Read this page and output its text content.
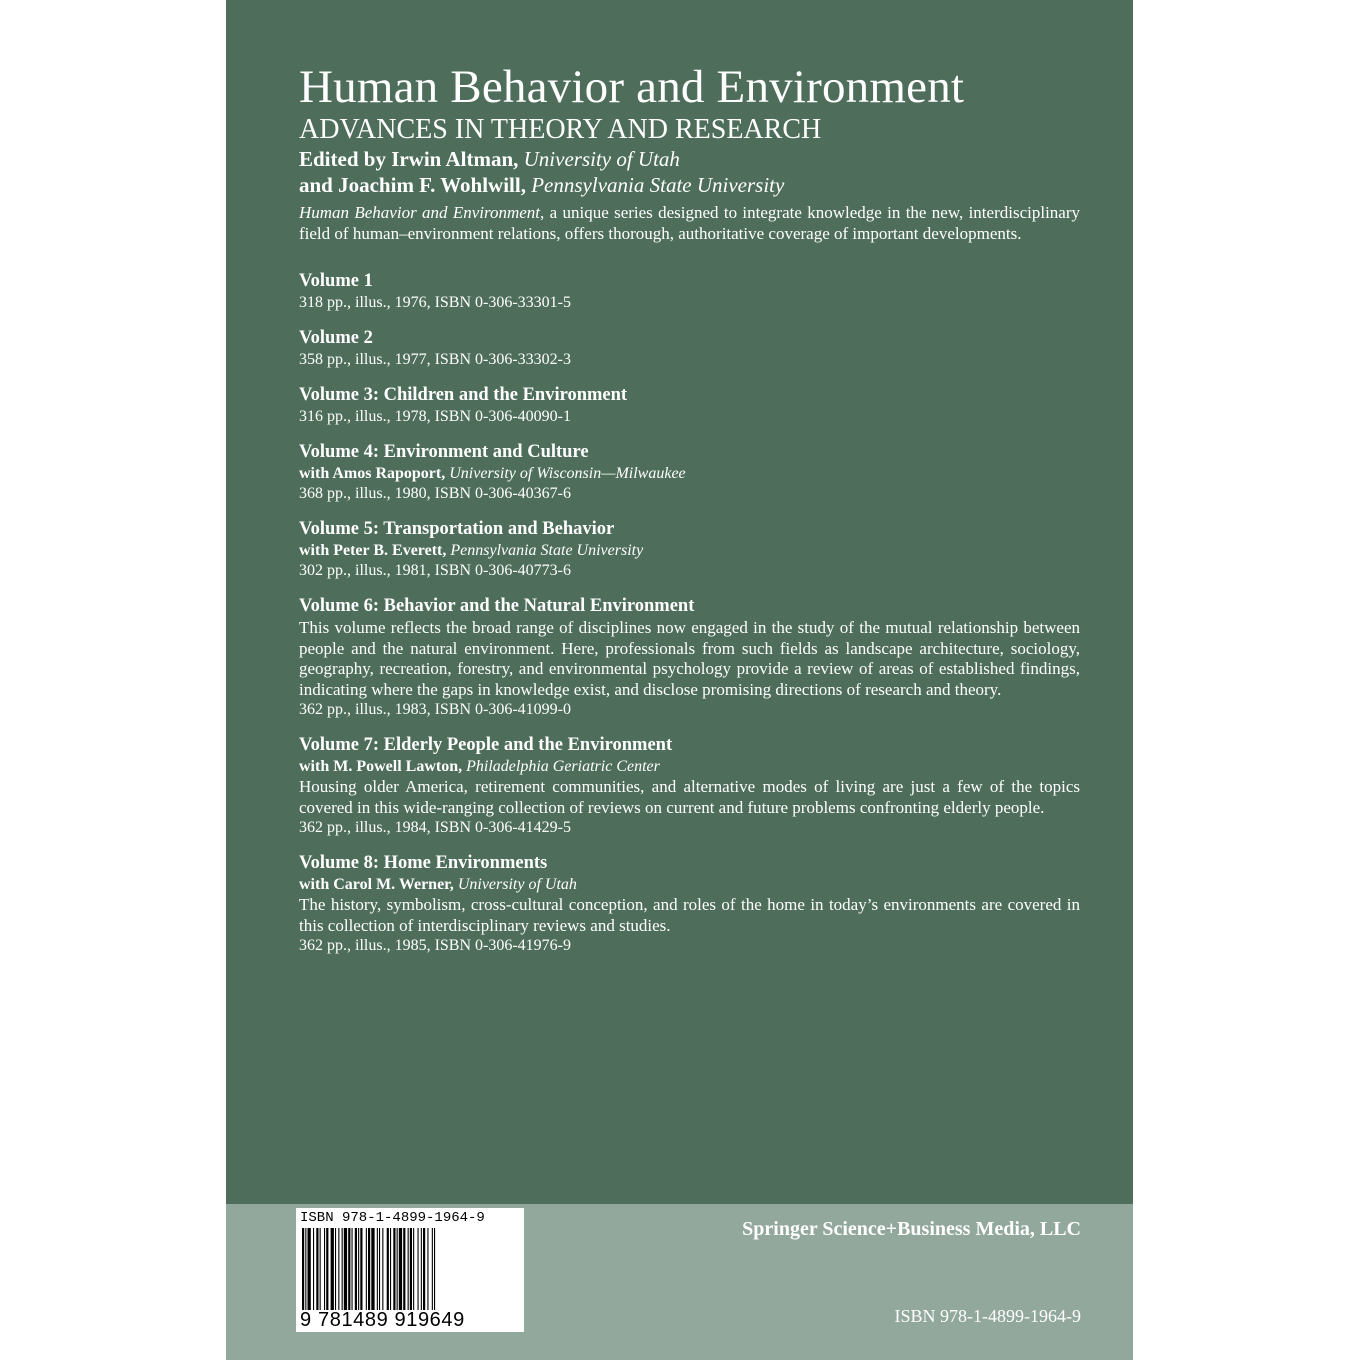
Human Behavior and Environment
ADVANCES IN THEORY AND RESEARCH
Edited by Irwin Altman, University of Utah
and Joachim F. Wohlwill, Pennsylvania State University

Human Behavior and Environment, a unique series designed to integrate knowledge in the new, interdisciplinary field of human–environment relations, offers thorough, authoritative coverage of important developments.

Volume 1
318 pp., illus., 1976, ISBN 0-306-33301-5
Volume 2
358 pp., illus., 1977, ISBN 0-306-33302-3
Volume 3: Children and the Environment
316 pp., illus., 1978, ISBN 0-306-40090-1
Volume 4: Environment and Culture
with Amos Rapoport, University of Wisconsin—Milwaukee
368 pp., illus., 1980, ISBN 0-306-40367-6
Volume 5: Transportation and Behavior
with Peter B. Everett, Pennsylvania State University
302 pp., illus., 1981, ISBN 0-306-40773-6
Volume 6: Behavior and the Natural Environment

This volume reflects the broad range of disciplines now engaged in the study of the mutual relationship between people and the natural environment. Here, professionals from such fields as landscape architecture, sociology, geography, recreation, forestry, and environmental psychology provide a review of areas of established findings, indicating where the gaps in knowledge exist, and disclose promising directions of research and theory.

362 pp., illus., 1983, ISBN 0-306-41099-0
Volume 7: Elderly People and the Environment
with M. Powell Lawton, Philadelphia Geriatric Center

Housing older America, retirement communities, and alternative modes of living are just a few of the topics covered in this wide-ranging collection of reviews on current and future problems confronting elderly people.

362 pp., illus., 1984, ISBN 0-306-41429-5
Volume 8: Home Environments
with Carol M. Werner, University of Utah

The history, symbolism, cross-cultural conception, and roles of the home in today’s environments are covered in this collection of interdisciplinary reviews and studies.

362 pp., illus., 1985, ISBN 0-306-41976-9
ISBN 978-1-4899-1964-9
9 781489 919649
Springer Science+Business Media, LLC
ISBN 978-1-4899-1964-9
